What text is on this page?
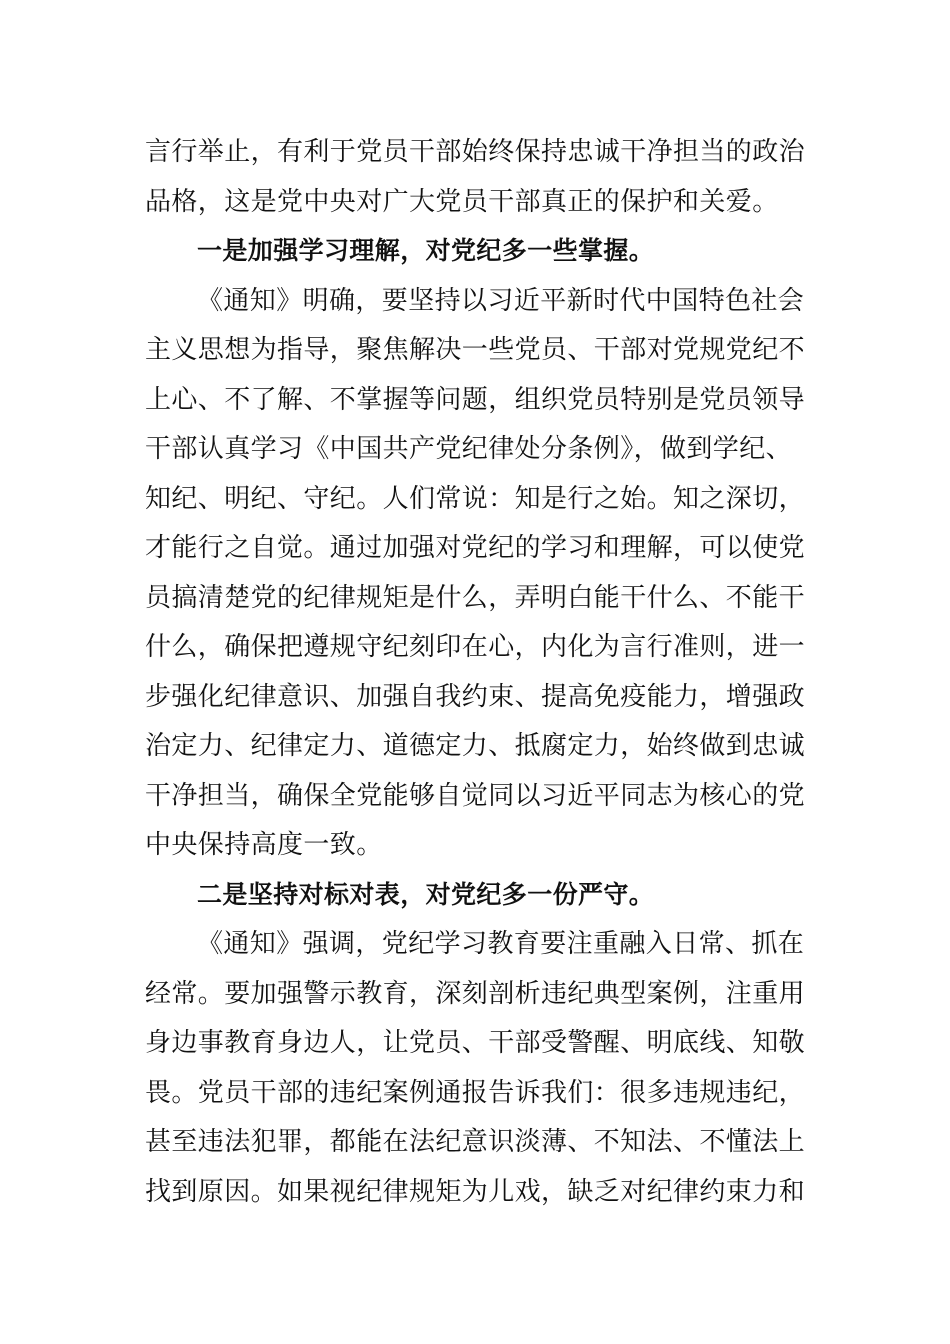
言行举止，有利于党员干部始终保持忠诚干净担当的政治
品格，这是党中央对广大党员干部真正的保护和关爱。
一是加强学习理解，对党纪多一些掌握。
《通知》明确，要坚持以习近平新时代中国特色社会
主义思想为指导，聚焦解决一些党员、干部对党规党纪不
上心、不了解、不掌握等问题，组织党员特别是党员领导
干部认真学习《中国共产党纪律处分条例》，做到学纪、
知纪、明纪、守纪。人们常说：知是行之始。知之深切，
才能行之自觉。通过加强对党纪的学习和理解，可以使党
员搞清楚党的纪律规矩是什么，弄明白能干什么、不能干
什么，确保把遵规守纪刻印在心，内化为言行准则，进一
步强化纪律意识、加强自我约束、提高免疫能力，增强政
治定力、纪律定力、道德定力、抵腐定力，始终做到忠诚
干净担当，确保全党能够自觉同以习近平同志为核心的党
中央保持高度一致。
二是坚持对标对表，对党纪多一份严守。
《通知》强调，党纪学习教育要注重融入日常、抓在
经常。要加强警示教育，深刻剖析违纪典型案例，注重用
身边事教育身边人，让党员、干部受警醒、明底线、知敬
畏。党员干部的违纪案例通报告诉我们：很多违规违纪，
甚至违法犯罪，都能在法纪意识淡薄、不知法、不懂法上
找到原因。如果视纪律规矩为儿戏，缺乏对纪律约束力和
